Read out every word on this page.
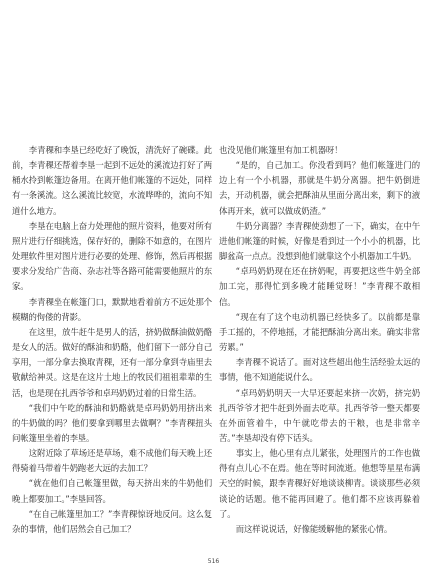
李青稞和李垦已经吃好了晚饭，清洗好了碗碟。此前，李青稞还帮着李垦一起到不远处的溪流边打好了两桶水拎到帐篷边备用。在离开他们帐篷的不远处，同样有一条溪流。这么溪流比较宽，水流哗哗的，流向不知道什么地方。

李垦在电脑上奋力处理他的照片资料，他要对所有照片进行仔细挑选，保存好的，删除不如意的，在图片处理软件里对图片进行必要的处理、修饰，然后再根据要求分发给广告商、杂志社等各路可能需要他照片的东家。

李青稞坐在帐篷门口，默默地看着前方不远处那个模糊的佝偻的背影。

在这里，放牛赶牛是男人的活，挤奶做酥油做奶酪是女人的活。做好的酥油和奶酪，他们留下一部分自己享用，一部分拿去换取青稞，还有一部分拿到寺庙里去敬献给神灵。这是在这片土地上的牧民们祖祖辈辈的生活，也是现在扎西爷爷和卓玛奶奶过着的日常生活。

“我们中午吃的酥油和奶酪就是卓玛奶奶用挤出来的牛奶做的吗？他们要拿到哪里去做啊？”李青稞扭头问帐篷里坐着的李垦。

这附近除了草场还是草场，难不成他们每天晚上还得骑着马带着牛奶跑老大远的去加工？

“就在他们自己帐篷里做，每天挤出来的牛奶他们晚上都要加工。”李垦回答。

“在自己帐篷里加工？”李青稞惊讶地反问。这么复杂的事情，他们居然会自己加工？

也没见他们帐篷里有加工机器呀！

“是的，自己加工。你没看到吗？他们帐篷进门的边上有一个小机器，那就是牛奶分离器。把牛奶倒进去，开动机器，就会把酥油从里面分离出来，剩下的液体再开来，就可以做成奶渣。”

牛奶分离器？李青稞使劲想了一下，确实，在中午进他们帐篷的时候，好像是看到过一个小小的机器，比脚盆高一点点。没想到他们就靠这个小机器加工牛奶。

“卓玛奶奶现在还在挤奶呢，再要把这些牛奶全部加工完，那得忙到多晚才能睡觉呀！”李青稞不敢相信。

“现在有了这个电动机器已经快多了。以前都是靠手工摇的，不停地摇，才能把酥油分离出来。确实非常劳累。”

李青稞不说话了。面对这些超出他生活经验太远的事情，他不知道能说什么。

“卓玛奶奶明天一大早还要起来挤一次奶，挤完奶扎西爷爷才把牛赶到外面去吃草。扎西爷爷一整天都要在外面管着牛，中午就吃带去的干粮，也是非常辛苦。”李垦却没有停下话头。

事实上，他心里有点儿紧张，处理图片的工作也做得有点儿心不在焉。他在等时间流逝。他想等星星布满天空的时候，跟李青稞好好地谈谈柳青。谈谈那些必须谈论的话题。他不能再回避了。他们都不应该再躲着了。

而这样说说话，好像能缓解他的紧张心情。

516
